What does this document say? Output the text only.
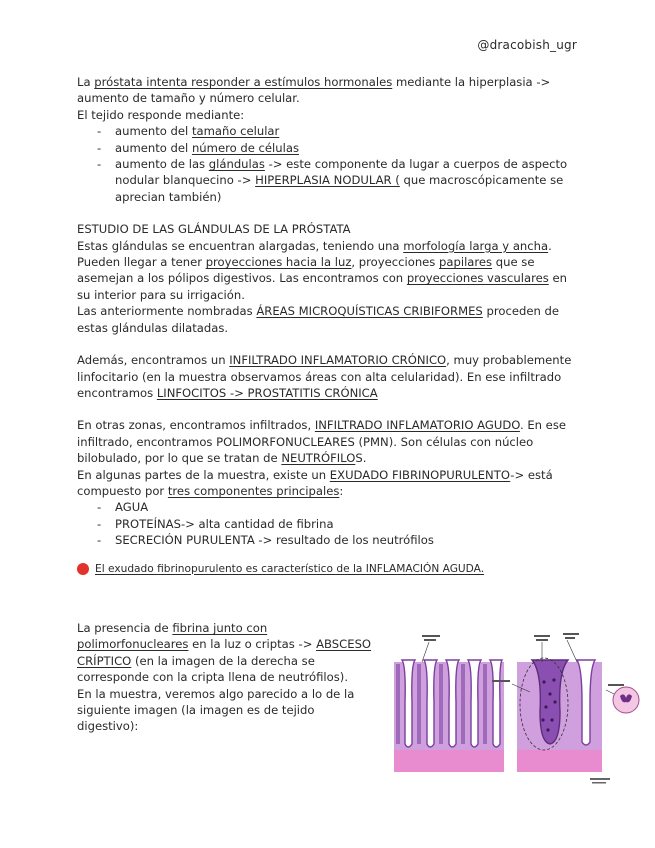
@dracobish_ugr

La próstata intenta responder a estímulos hormonales mediante la hiperplasia -> aumento de tamaño y número celular.

El tejido responde mediante:

- aumento del tamaño celular
- aumento del número de células
- aumento de las glándulas -> este componente da lugar a cuerpos de aspecto nodular blanquecino -> HIPERPLASIA NODULAR ( que macroscópicamente se aprecian también)

ESTUDIO DE LAS GLÁNDULAS DE LA PRÓSTATA

Estas glándulas se encuentran alargadas, teniendo una morfología larga y ancha. Pueden llegar a tener proyecciones hacia la luz, proyecciones papilares que se asemejan a los pólipos digestivos. Las encontramos con proyecciones vasculares en su interior para su irrigación.

Las anteriormente nombradas ÁREAS MICROQUÍSTICAS CRIBIFORMES proceden de estas glándulas dilatadas.

Además, encontramos un INFILTRADO INFLAMATORIO CRÓNICO, muy probablemente linfocitario (en la muestra observamos áreas con alta celularidad). En ese infiltrado encontramos LINFOCITOS -> PROSTATITIS CRÓNICA

En otras zonas, encontramos infiltrados, INFILTRADO INFLAMATORIO AGUDO. En ese infiltrado, encontramos POLIMORFONUCLEARES (PMN). Son células con núcleo bilobulado, por lo que se tratan de NEUTRÓFILOS.

En algunas partes de la muestra, existe un EXUDADO FIBRINOPURULENTO-> está compuesto por tres componentes principales:

- AGUA
- PROTEÍNAS-> alta cantidad de fibrina
- SECRECIÓN PURULENTA -> resultado de los neutrófilos
El exudado fibrinopurulento es característico de la INFLAMACIÓN AGUDA.

La presencia de fibrina junto con polimorfonucleares en la luz o criptas -> ABSCESO CRÍPTICO (en la imagen de la derecha se corresponde con la cripta llena de neutrófilos).

En la muestra, veremos algo parecido a lo de la siguiente imagen (la imagen es de tejido digestivo):
